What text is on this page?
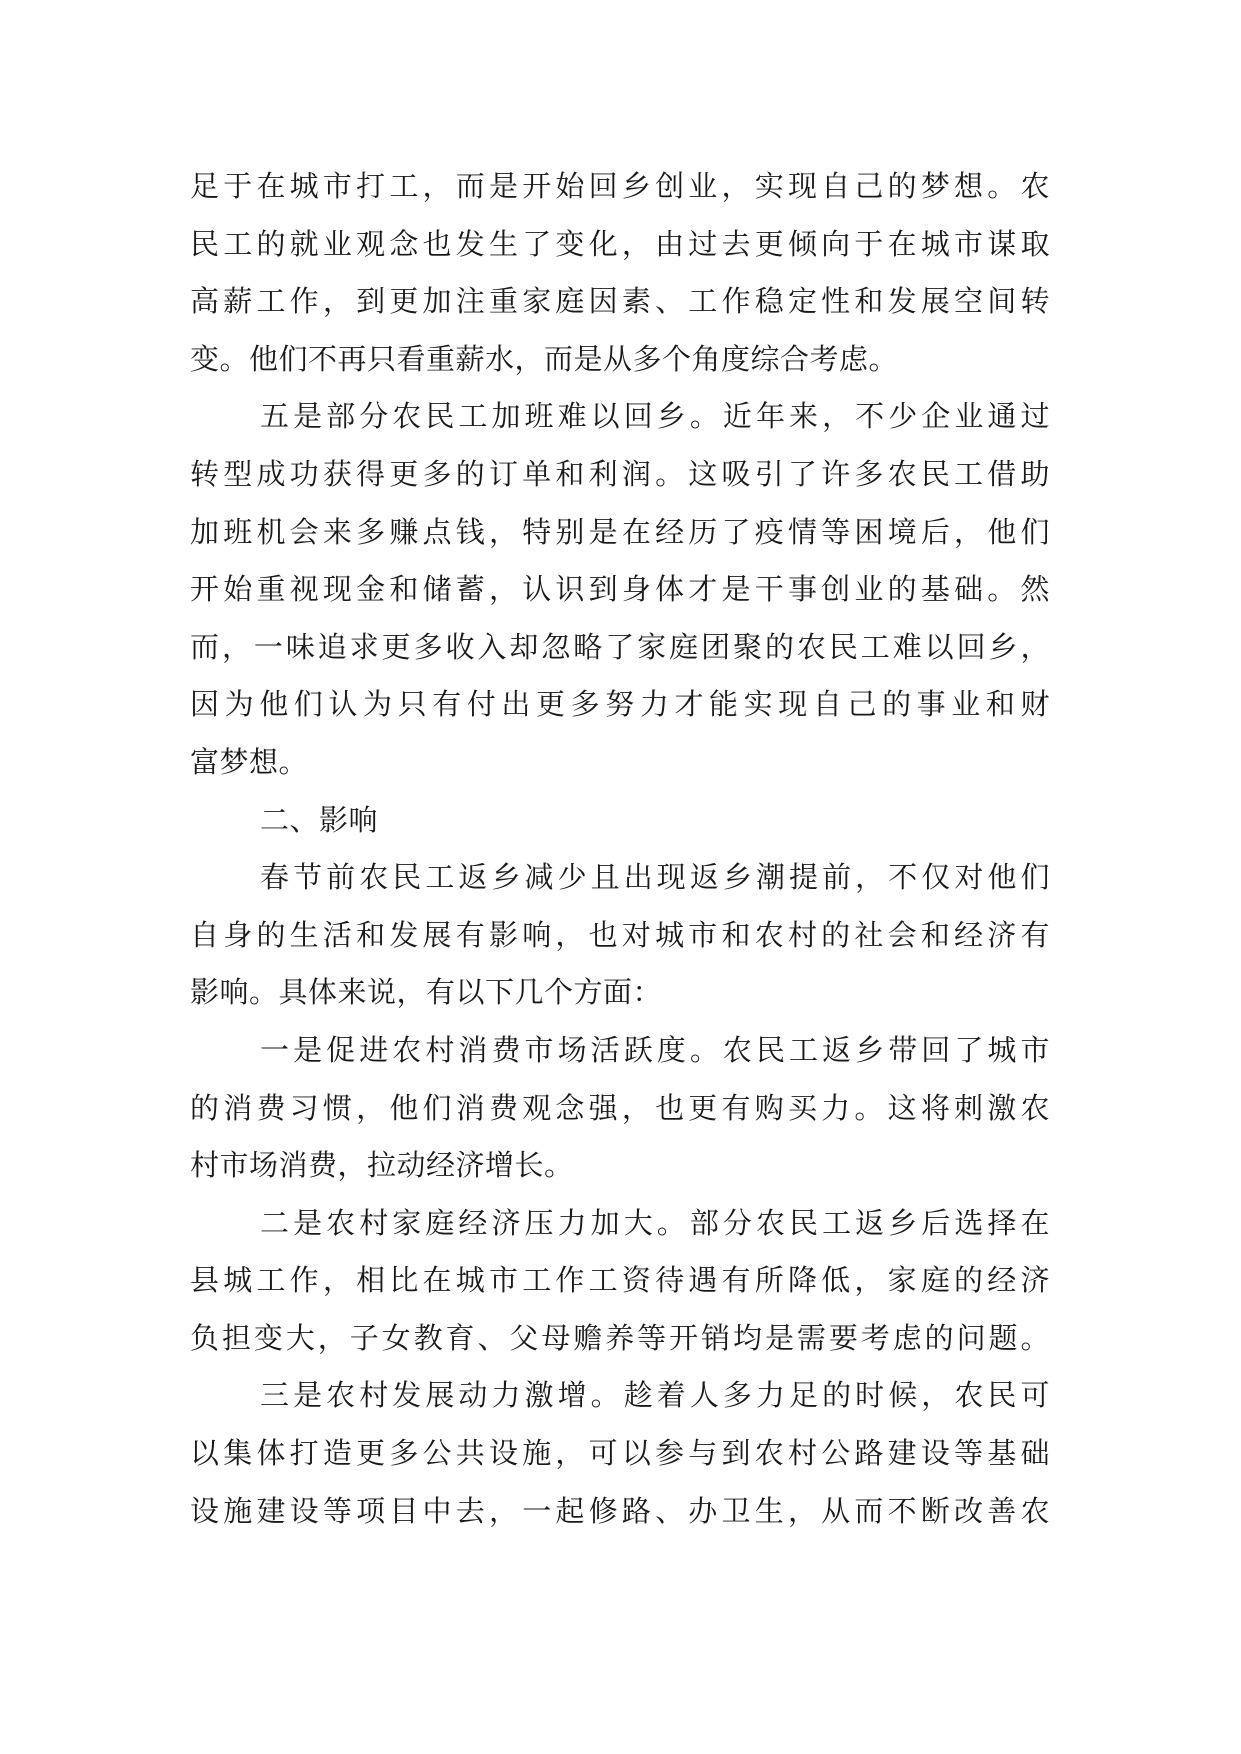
足于在城市打工，而是开始回乡创业，实现自己的梦想。农
民工的就业观念也发生了变化，由过去更倾向于在城市谋取
高薪工作，到更加注重家庭因素、工作稳定性和发展空间转
变。他们不再只看重薪水，而是从多个角度综合考虑。
五是部分农民工加班难以回乡。近年来，不少企业通过
转型成功获得更多的订单和利润。这吸引了许多农民工借助
加班机会来多赚点钱，特别是在经历了疫情等困境后，他们
开始重视现金和储蓄，认识到身体才是干事创业的基础。然
而，一味追求更多收入却忽略了家庭团聚的农民工难以回乡，
因为他们认为只有付出更多努力才能实现自己的事业和财
富梦想。
二、影响
春节前农民工返乡减少且出现返乡潮提前，不仅对他们
自身的生活和发展有影响，也对城市和农村的社会和经济有
影响。具体来说，有以下几个方面：
一是促进农村消费市场活跃度。农民工返乡带回了城市
的消费习惯，他们消费观念强，也更有购买力。这将刺激农
村市场消费，拉动经济增长。
二是农村家庭经济压力加大。部分农民工返乡后选择在
县城工作，相比在城市工作工资待遇有所降低，家庭的经济
负担变大，子女教育、父母赡养等开销均是需要考虑的问题。
三是农村发展动力激增。趁着人多力足的时候，农民可
以集体打造更多公共设施，可以参与到农村公路建设等基础
设施建设等项目中去，一起修路、办卫生，从而不断改善农
